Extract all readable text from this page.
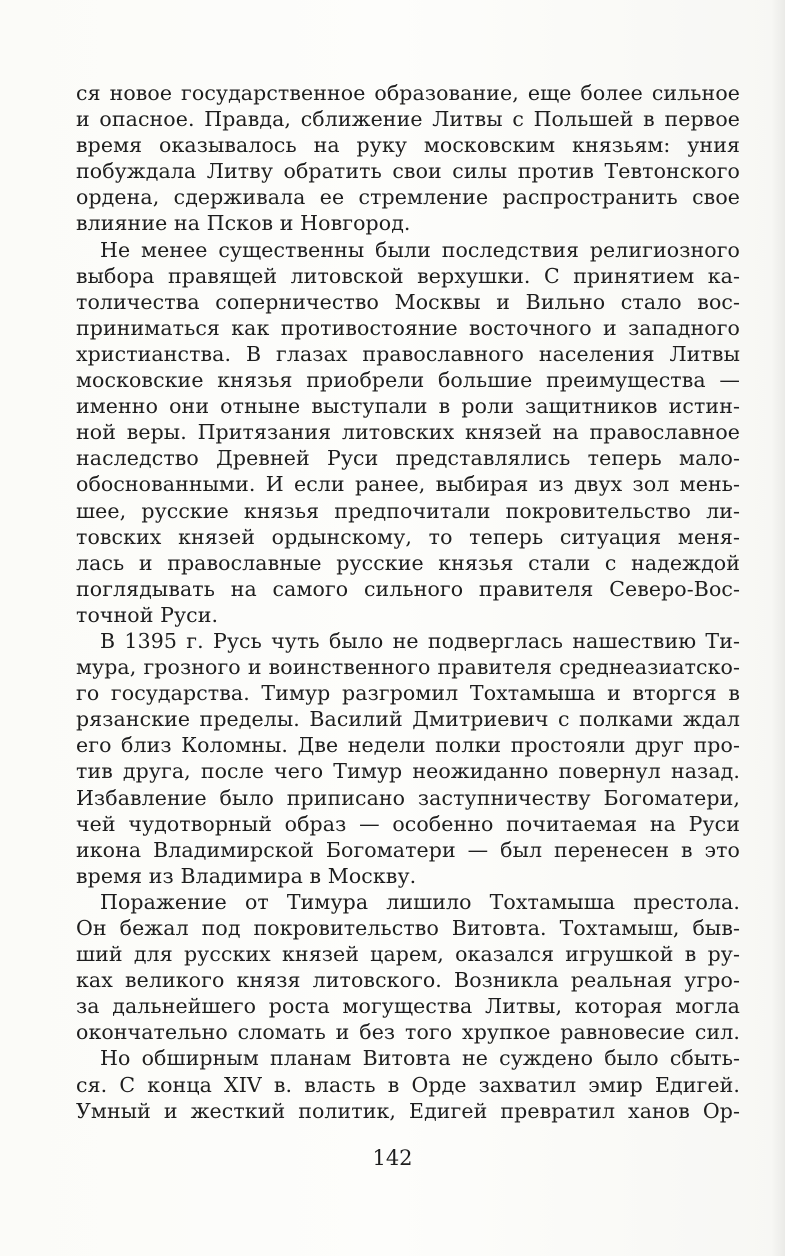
ся новое государственное образование, еще более сильное
и опасное. Правда, сближение Литвы с Польшей в первое
время оказывалось на руку московским князьям: уния
побуждала Литву обратить свои силы против Тевтонского
ордена, сдерживала ее стремление распространить свое
влияние на Псков и Новгород.
Не менее существенны были последствия религиозного
выбора правящей литовской верхушки. С принятием ка-
толичества соперничество Москвы и Вильно стало вос-
приниматься как противостояние восточного и западного
христианства. В глазах православного населения Литвы
московские князья приобрели большие преимущества —
именно они отныне выступали в роли защитников истин-
ной веры. Притязания литовских князей на православное
наследство Древней Руси представлялись теперь мало-
обоснованными. И если ранее, выбирая из двух зол мень-
шее, русские князья предпочитали покровительство ли-
товских князей ордынскому, то теперь ситуация меня-
лась и православные русские князья стали с надеждой
поглядывать на самого сильного правителя Северо-Вос-
точной Руси.
В 1395 г. Русь чуть было не подверглась нашествию Ти-
мура, грозного и воинственного правителя среднеазиатско-
го государства. Тимур разгромил Тохтамыша и вторгся в
рязанские пределы. Василий Дмитриевич с полками ждал
его близ Коломны. Две недели полки простояли друг про-
тив друга, после чего Тимур неожиданно повернул назад.
Избавление было приписано заступничеству Богоматери,
чей чудотворный образ — особенно почитаемая на Руси
икона Владимирской Богоматери — был перенесен в это
время из Владимира в Москву.
Поражение от Тимура лишило Тохтамыша престола.
Он бежал под покровительство Витовта. Тохтамыш, быв-
ший для русских князей царем, оказался игрушкой в ру-
ках великого князя литовского. Возникла реальная угро-
за дальнейшего роста могущества Литвы, которая могла
окончательно сломать и без того хрупкое равновесие сил.
Но обширным планам Витовта не суждено было сбыть-
ся. С конца XIV в. власть в Орде захватил эмир Едигей.
Умный и жесткий политик, Едигей превратил ханов Ор-
142
